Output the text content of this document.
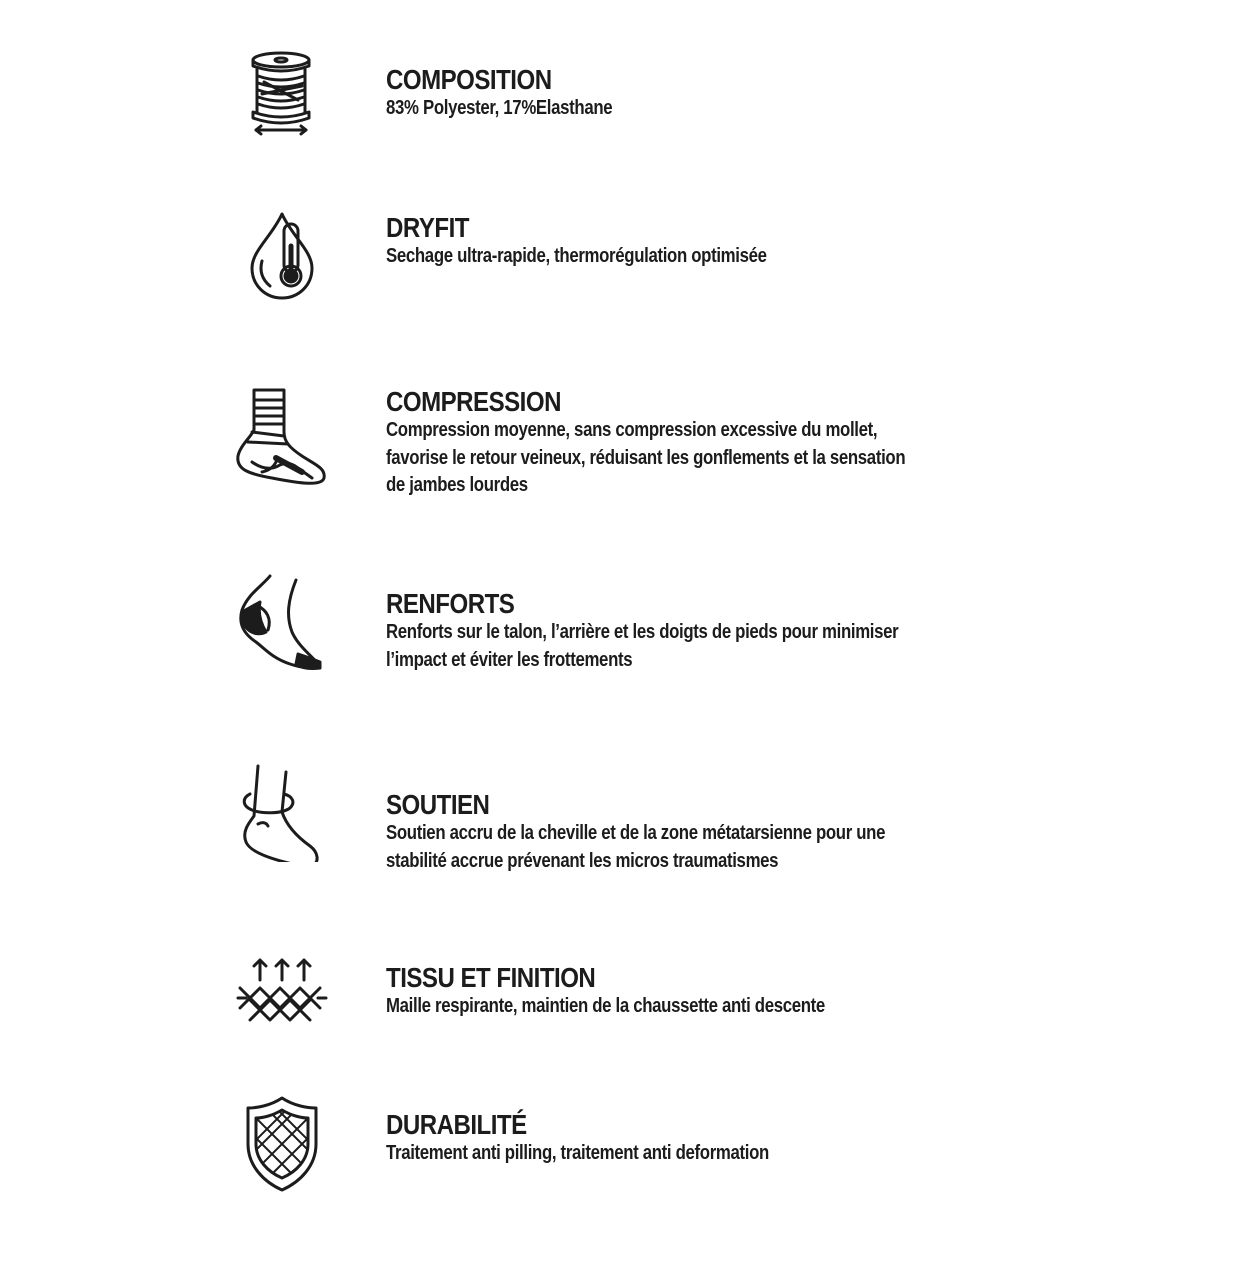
COMPOSITION
83% Polyester, 17%Elasthane
DRYFIT
Sechage ultra-rapide, thermorégulation optimisée
COMPRESSION
Compression moyenne, sans compression excessive du mollet,
favorise le retour veineux, réduisant les gonflements et la sensation
de jambes lourdes
RENFORTS
Renforts sur le talon, l’arrière et les doigts de pieds pour minimiser
l’impact et éviter les frottements
SOUTIEN
Soutien accru de la cheville et de la zone métatarsienne pour une
stabilité accrue prévenant les micros traumatismes
TISSU ET FINITION
Maille respirante, maintien de la chaussette anti descente
DURABILITÉ
Traitement anti pilling, traitement anti deformation
